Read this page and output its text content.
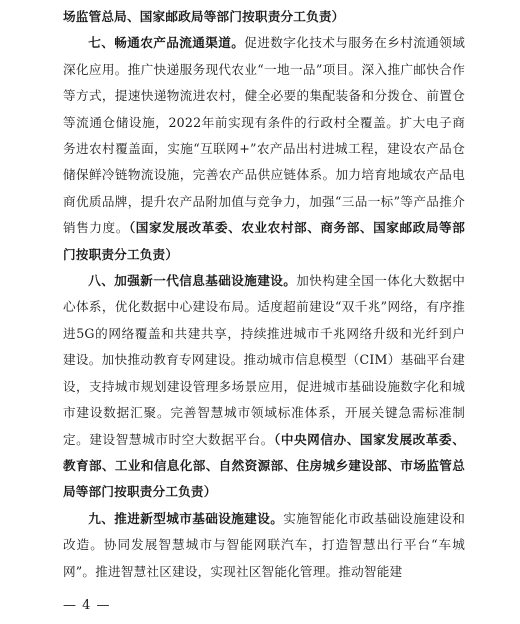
场监管总局、国家邮政局等部门按职责分工负责）

七、畅通农产品流通渠道。促进数字化技术与服务在乡村流通领域深化应用。推广快递服务现代农业“一地一品”项目。深入推广邮快合作等方式，提速快递物流进农村，健全必要的集配装备和分拨仓、前置仓等流通仓储设施，2022年前实现有条件的行政村全覆盖。扩大电子商务进农村覆盖面，实施“互联网+”农产品出村进城工程，建设农产品仓储保鲜冷链物流设施，完善农产品供应链体系。加力培育地域农产品电商优质品牌，提升农产品附加值与竞争力，加强“三品一标”等产品推介销售力度。（国家发展改革委、农业农村部、商务部、国家邮政局等部门按职责分工负责）

八、加强新一代信息基础设施建设。加快构建全国一体化大数据中心体系，优化数据中心建设布局。适度超前建设“双千兆”网络，有序推进5G的网络覆盖和共建共享，持续推进城市千兆网络升级和光纤到户建设。加快推动教育专网建设。推动城市信息模型（CIM）基础平台建设，支持城市规划建设管理多场景应用，促进城市基础设施数字化和城市建设数据汇聚。完善智慧城市领域标准体系，开展关键急需标准制定。建设智慧城市时空大数据平台。（中央网信办、国家发展改革委、教育部、工业和信息化部、自然资源部、住房城乡建设部、市场监管总局等部门按职责分工负责）

九、推进新型城市基础设施建设。实施智能化市政基础设施建设和改造。协同发展智慧城市与智能网联汽车，打造智慧出行平台“车城网”。推进智慧社区建设，实现社区智能化管理。推动智能建

— 4 —
